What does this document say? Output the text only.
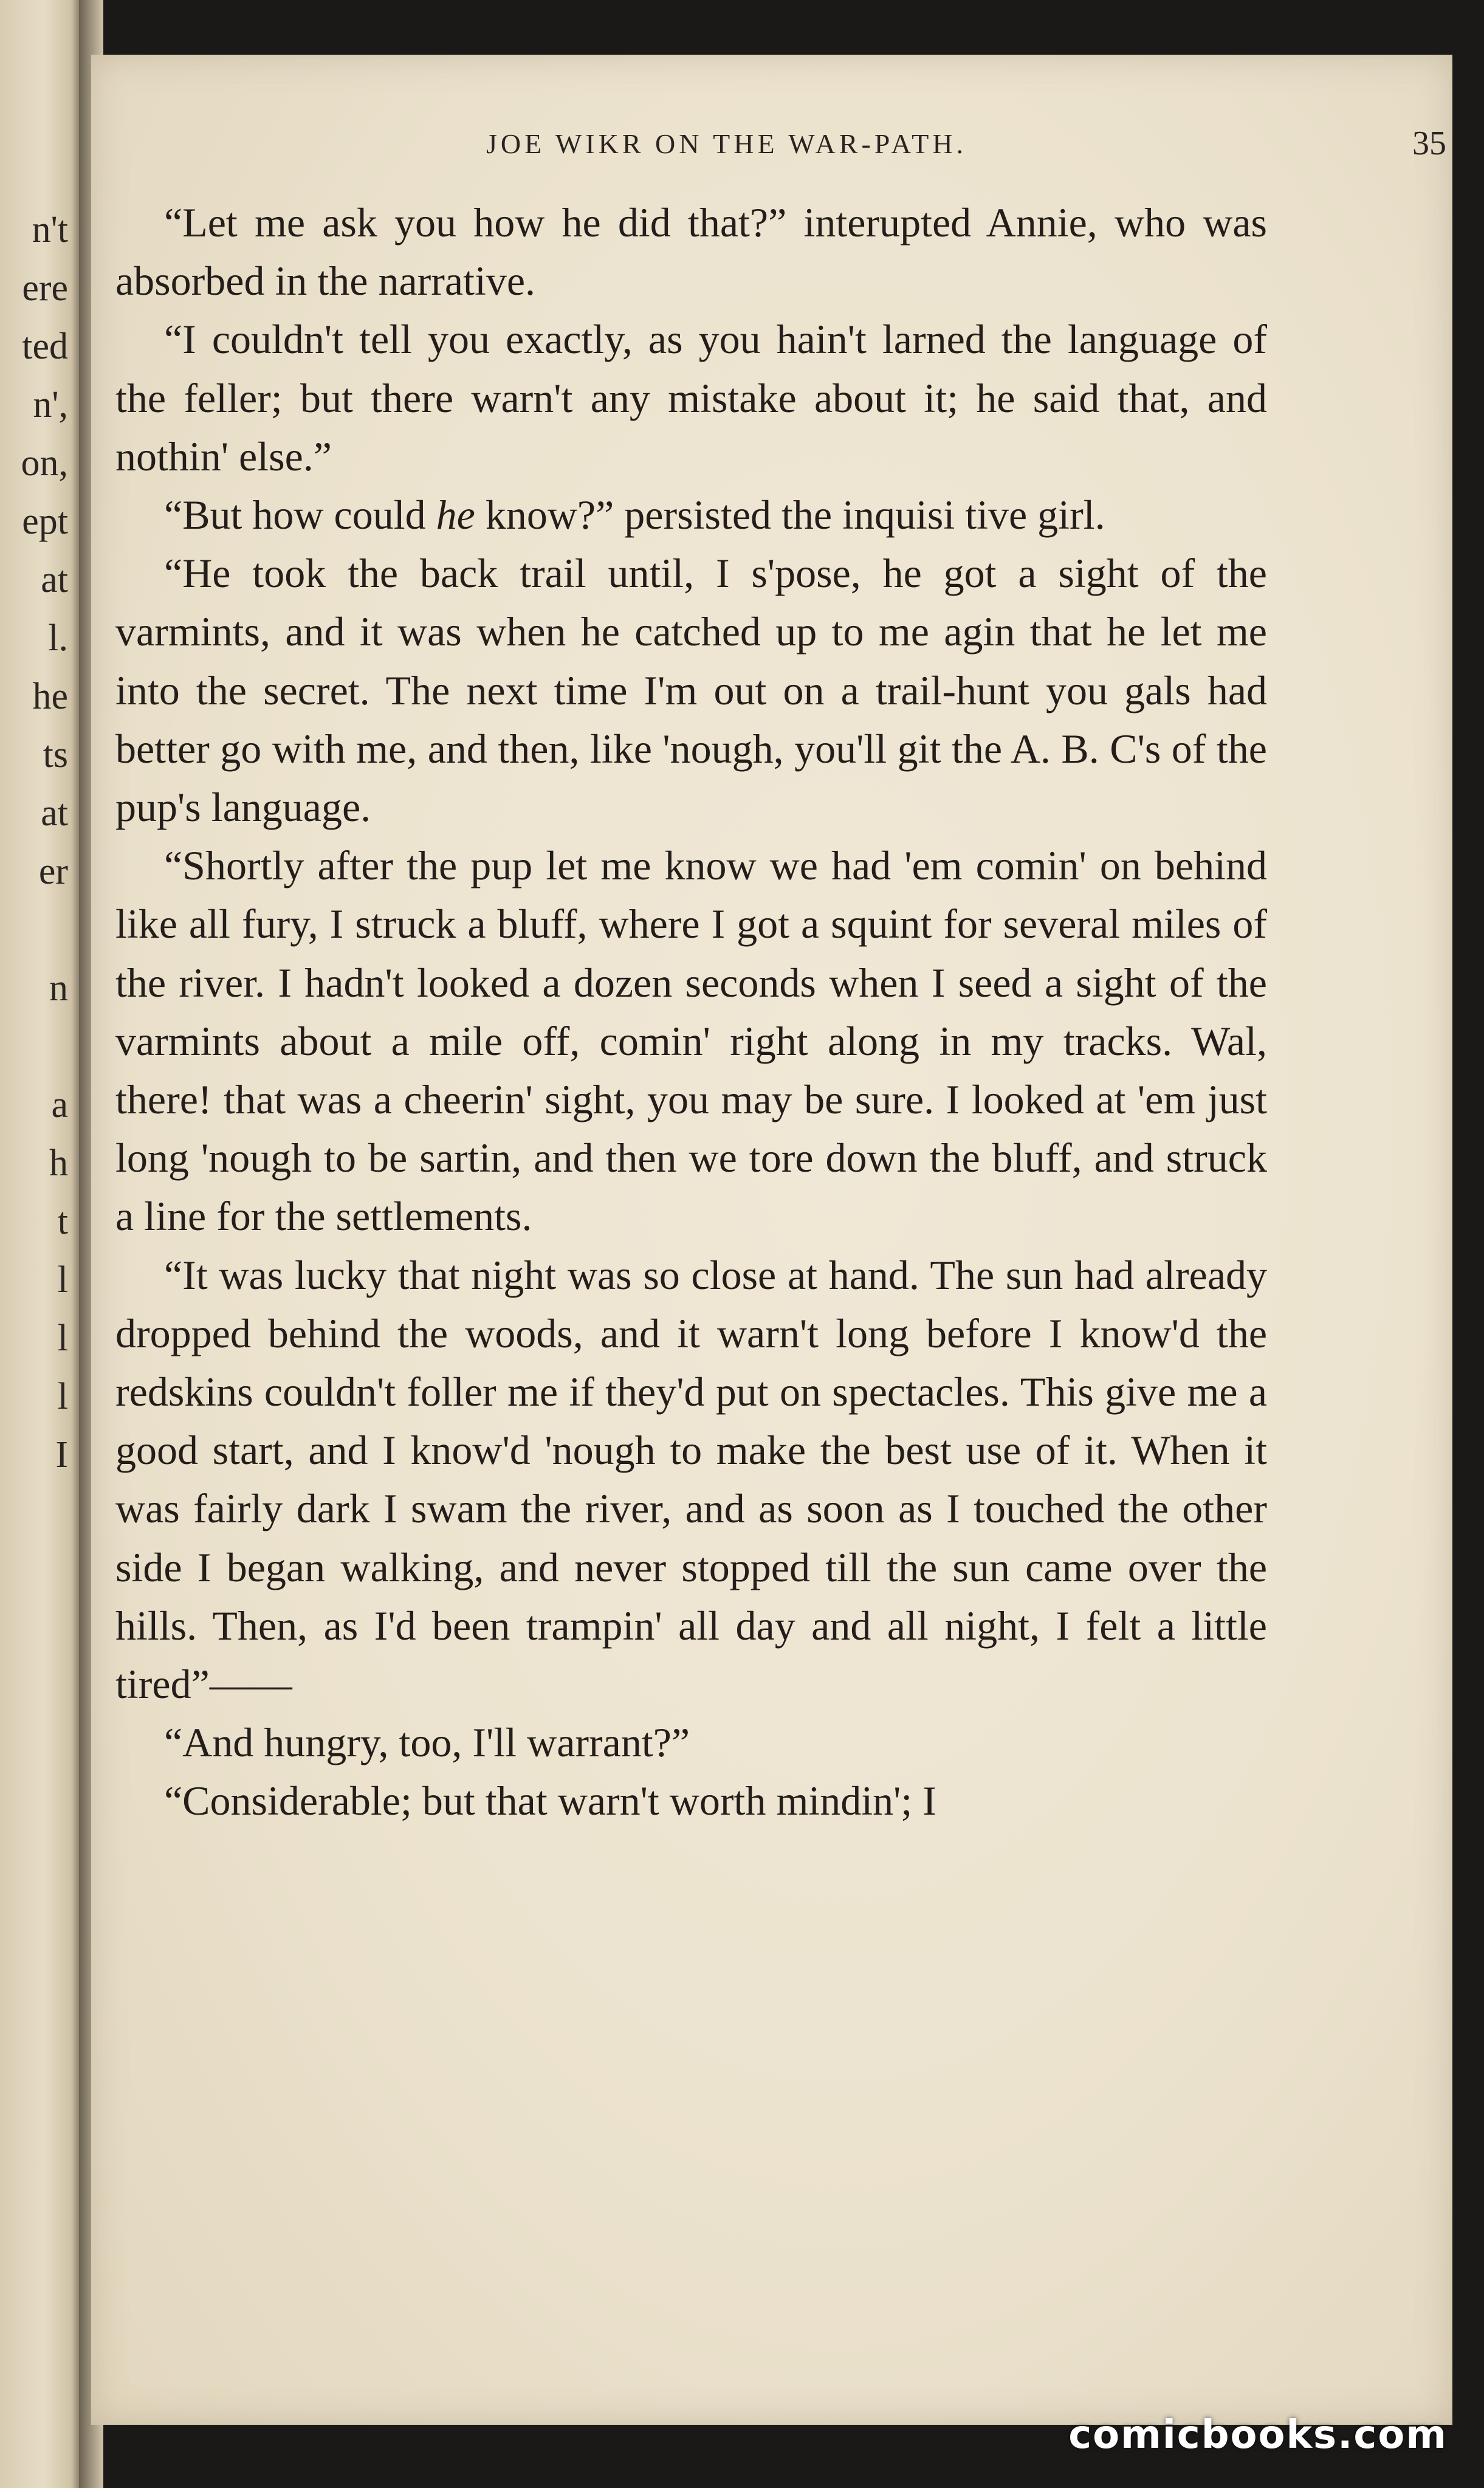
n't
ere
ted
n',
on,
ept
at
l.
he
ts
at
er
n
a
h
t
l
l
l
I
JOE WIKR ON THE WAR-PATH.	35

“Let me ask you how he did that?” interupted Annie, who was absorbed in the narrative.

“I couldn't tell you exactly, as you hain't larned the language of the feller; but there warn't any mistake about it; he said that, and nothin' else.”

“But how could he know?” persisted the inquisi tive girl.

“He took the back trail until, I s'pose, he got a sight of the varmints, and it was when he catched up to me agin that he let me into the secret. The next time I'm out on a trail-hunt you gals had better go with me, and then, like 'nough, you'll git the A. B. C's of the pup's language.

“Shortly after the pup let me know we had 'em comin' on behind like all fury, I struck a bluff, where I got a squint for several miles of the river. I hadn't looked a dozen seconds when I seed a sight of the varmints about a mile off, comin' right along in my tracks. Wal, there! that was a cheerin' sight, you may be sure. I looked at 'em just long 'nough to be sartin, and then we tore down the bluff, and struck a line for the settlements.

“It was lucky that night was so close at hand. The sun had already dropped behind the woods, and it warn't long before I know'd the redskins couldn't foller me if they'd put on spectacles. This give me a good start, and I know'd 'nough to make the best use of it. When it was fairly dark I swam the river, and as soon as I touched the other side I began walking, and never stopped till the sun came over the hills. Then, as I'd been trampin' all day and all night, I felt a little tired”——

“And hungry, too, I'll warrant?”

“Considerable; but that warn't worth mindin'; I

comicbooks.com
